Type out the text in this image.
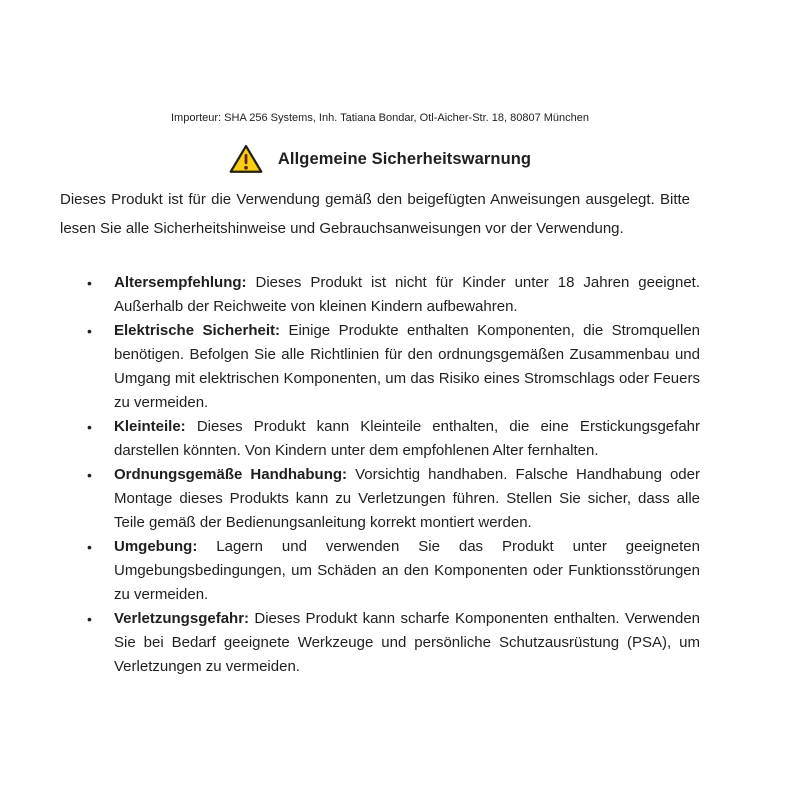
Importeur: SHA 256 Systems, Inh. Tatiana Bondar, Otl-Aicher-Str. 18, 80807 München
Allgemeine Sicherheitswarnung
Dieses Produkt ist für die Verwendung gemäß den beigefügten Anweisungen ausgelegt. Bitte lesen Sie alle Sicherheitshinweise und Gebrauchsanweisungen vor der Verwendung.
• Altersempfehlung: Dieses Produkt ist nicht für Kinder unter 18 Jahren geeignet. Außerhalb der Reichweite von kleinen Kindern aufbewahren.
• Elektrische Sicherheit: Einige Produkte enthalten Komponenten, die Stromquellen benötigen. Befolgen Sie alle Richtlinien für den ordnungsgemäßen Zusammenbau und Umgang mit elektrischen Komponenten, um das Risiko eines Stromschlags oder Feuers zu vermeiden.
• Kleinteile: Dieses Produkt kann Kleinteile enthalten, die eine Erstickungsgefahr darstellen könnten. Von Kindern unter dem empfohlenen Alter fernhalten.
• Ordnungsgemäße Handhabung: Vorsichtig handhaben. Falsche Handhabung oder Montage dieses Produkts kann zu Verletzungen führen. Stellen Sie sicher, dass alle Teile gemäß der Bedienungsanleitung korrekt montiert werden.
• Umgebung: Lagern und verwenden Sie das Produkt unter geeigneten Umgebungsbedingungen, um Schäden an den Komponenten oder Funktionsstörungen zu vermeiden.
• Verletzungsgefahr: Dieses Produkt kann scharfe Komponenten enthalten. Verwenden Sie bei Bedarf geeignete Werkzeuge und persönliche Schutzausrüstung (PSA), um Verletzungen zu vermeiden.
